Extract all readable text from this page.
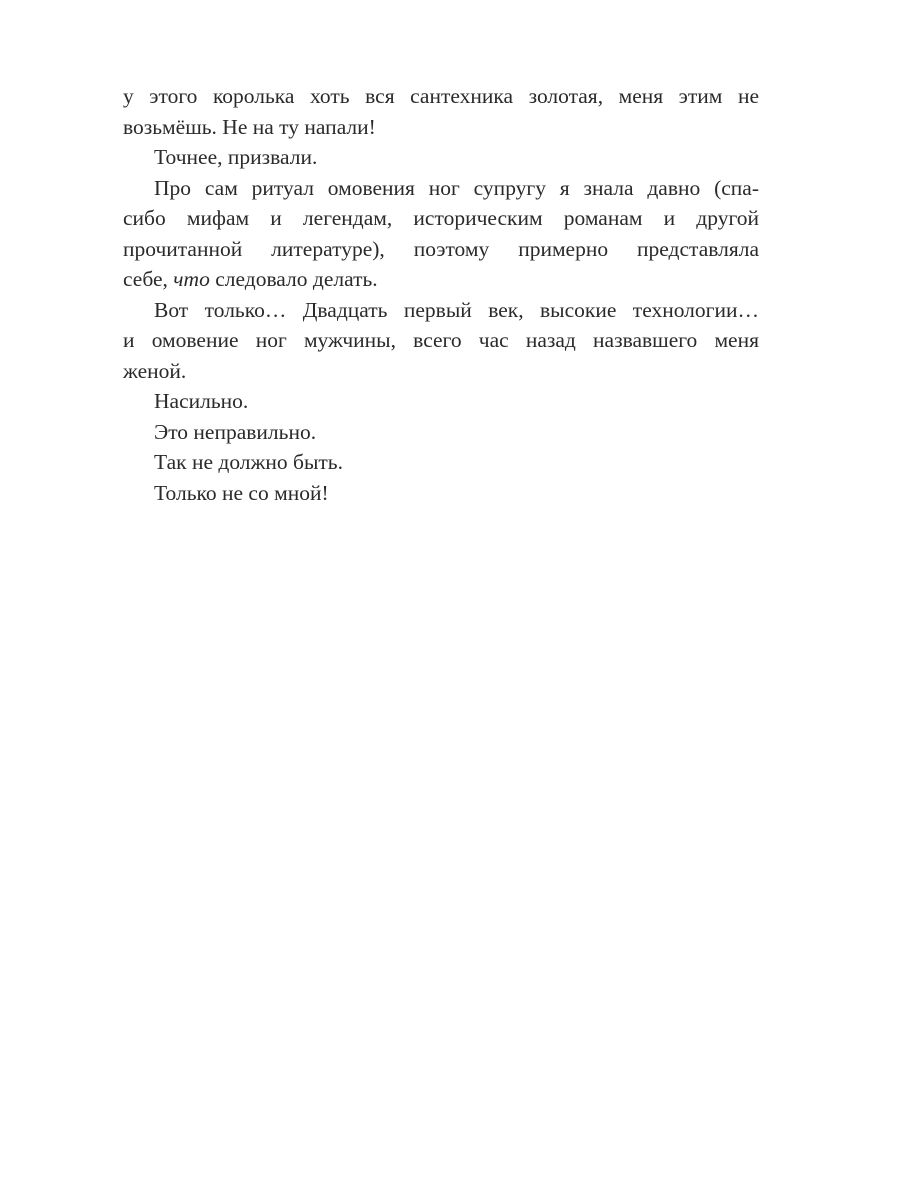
у этого королька хоть вся сантехника золотая, меня этим не
возьмёшь. Не на ту напали!
Точнее, призвали.
Про сам ритуал омовения ног супругу я знала давно (спа-
сибо мифам и легендам, историческим романам и другой
прочитанной литературе), поэтому примерно представляла
себе, что следовало делать.
Вот только… Двадцать первый век, высокие технологии…
и омовение ног мужчины, всего час назад назвавшего меня
женой.
Насильно.
Это неправильно.
Так не должно быть.
Только не со мной!
